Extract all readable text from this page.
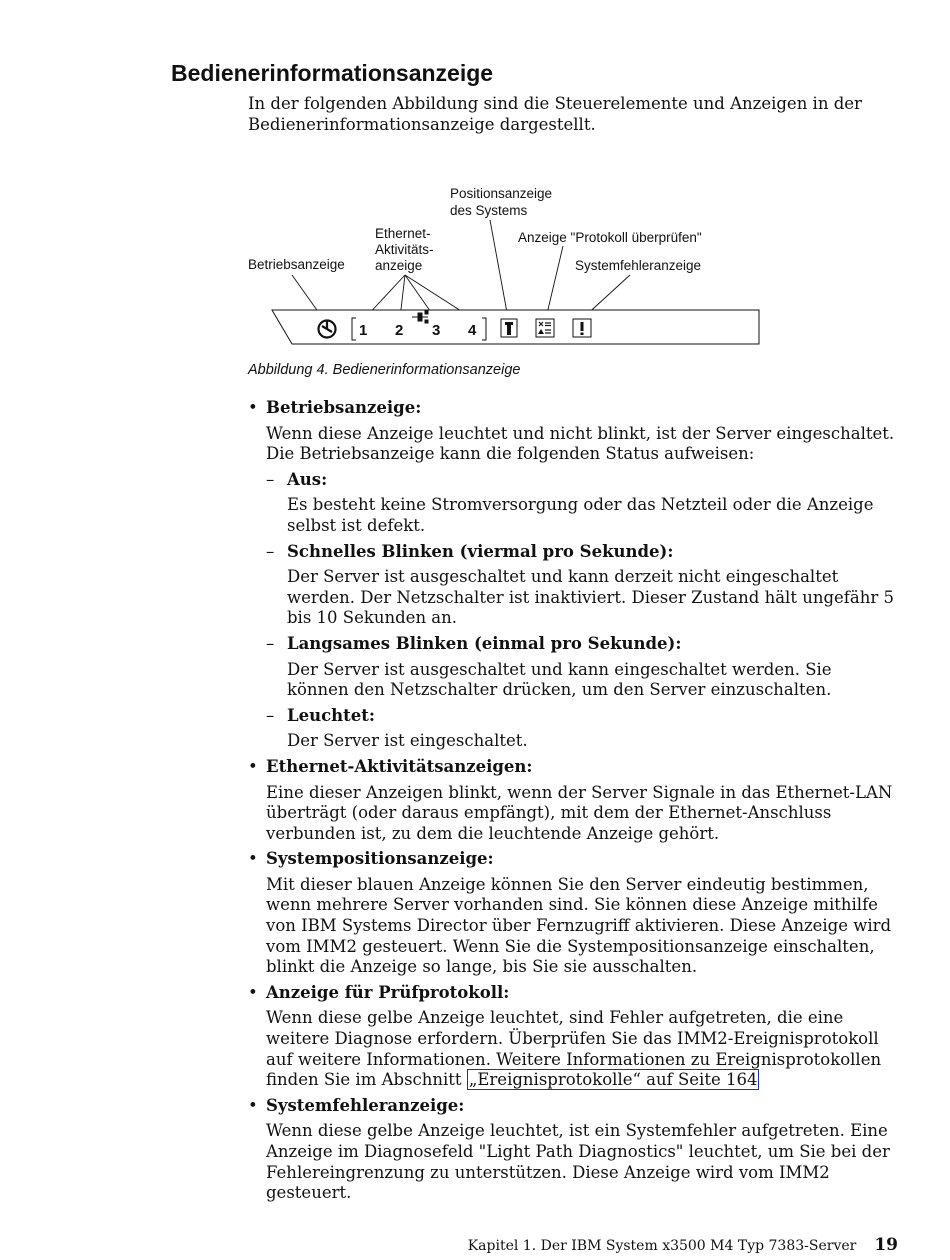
Bedienerinformationsanzeige

In der folgenden Abbildung sind die Steuerelemente und Anzeigen in der Bedienerinformationsanzeige dargestellt.

Positionsanzeige
des Systems
Ethernet-
Aktivitäts-
anzeige
Anzeige "Protokoll überprüfen"
Betriebsanzeige	Systemfehleranzeige
1 2 3 4
Abbildung 4. Bedienerinformationsanzeige
• Betriebsanzeige:
Wenn diese Anzeige leuchtet und nicht blinkt, ist der Server eingeschaltet. Die Betriebsanzeige kann die folgenden Status aufweisen:
– Aus:
Es besteht keine Stromversorgung oder das Netzteil oder die Anzeige selbst ist defekt.
– Schnelles Blinken (viermal pro Sekunde):
Der Server ist ausgeschaltet und kann derzeit nicht eingeschaltet werden. Der Netzschalter ist inaktiviert. Dieser Zustand hält ungefähr 5 bis 10 Sekunden an.
– Langsames Blinken (einmal pro Sekunde):
Der Server ist ausgeschaltet und kann eingeschaltet werden. Sie können den Netzschalter drücken, um den Server einzuschalten.
– Leuchtet:
Der Server ist eingeschaltet.
• Ethernet-Aktivitätsanzeigen:
Eine dieser Anzeigen blinkt, wenn der Server Signale in das Ethernet-LAN überträgt (oder daraus empfängt), mit dem der Ethernet-Anschluss verbunden ist, zu dem die leuchtende Anzeige gehört.
• Systempositionsanzeige:
Mit dieser blauen Anzeige können Sie den Server eindeutig bestimmen, wenn mehrere Server vorhanden sind. Sie können diese Anzeige mithilfe von IBM Systems Director über Fernzugriff aktivieren. Diese Anzeige wird vom IMM2 gesteuert. Wenn Sie die Systempositionsanzeige einschalten, blinkt die Anzeige so lange, bis Sie sie ausschalten.
• Anzeige für Prüfprotokoll:
Wenn diese gelbe Anzeige leuchtet, sind Fehler aufgetreten, die eine weitere Diagnose erfordern. Überprüfen Sie das IMM2-Ereignisprotokoll auf weitere Informationen. Weitere Informationen zu Ereignisprotokollen finden Sie im Abschnitt „Ereignisprotokolle“ auf Seite 164
• Systemfehleranzeige:
Wenn diese gelbe Anzeige leuchtet, ist ein Systemfehler aufgetreten. Eine Anzeige im Diagnosefeld "Light Path Diagnostics" leuchtet, um Sie bei der Fehlereingrenzung zu unterstützen. Diese Anzeige wird vom IMM2 gesteuert.
Kapitel 1. Der IBM System x3500 M4 Typ 7383-Server 19
